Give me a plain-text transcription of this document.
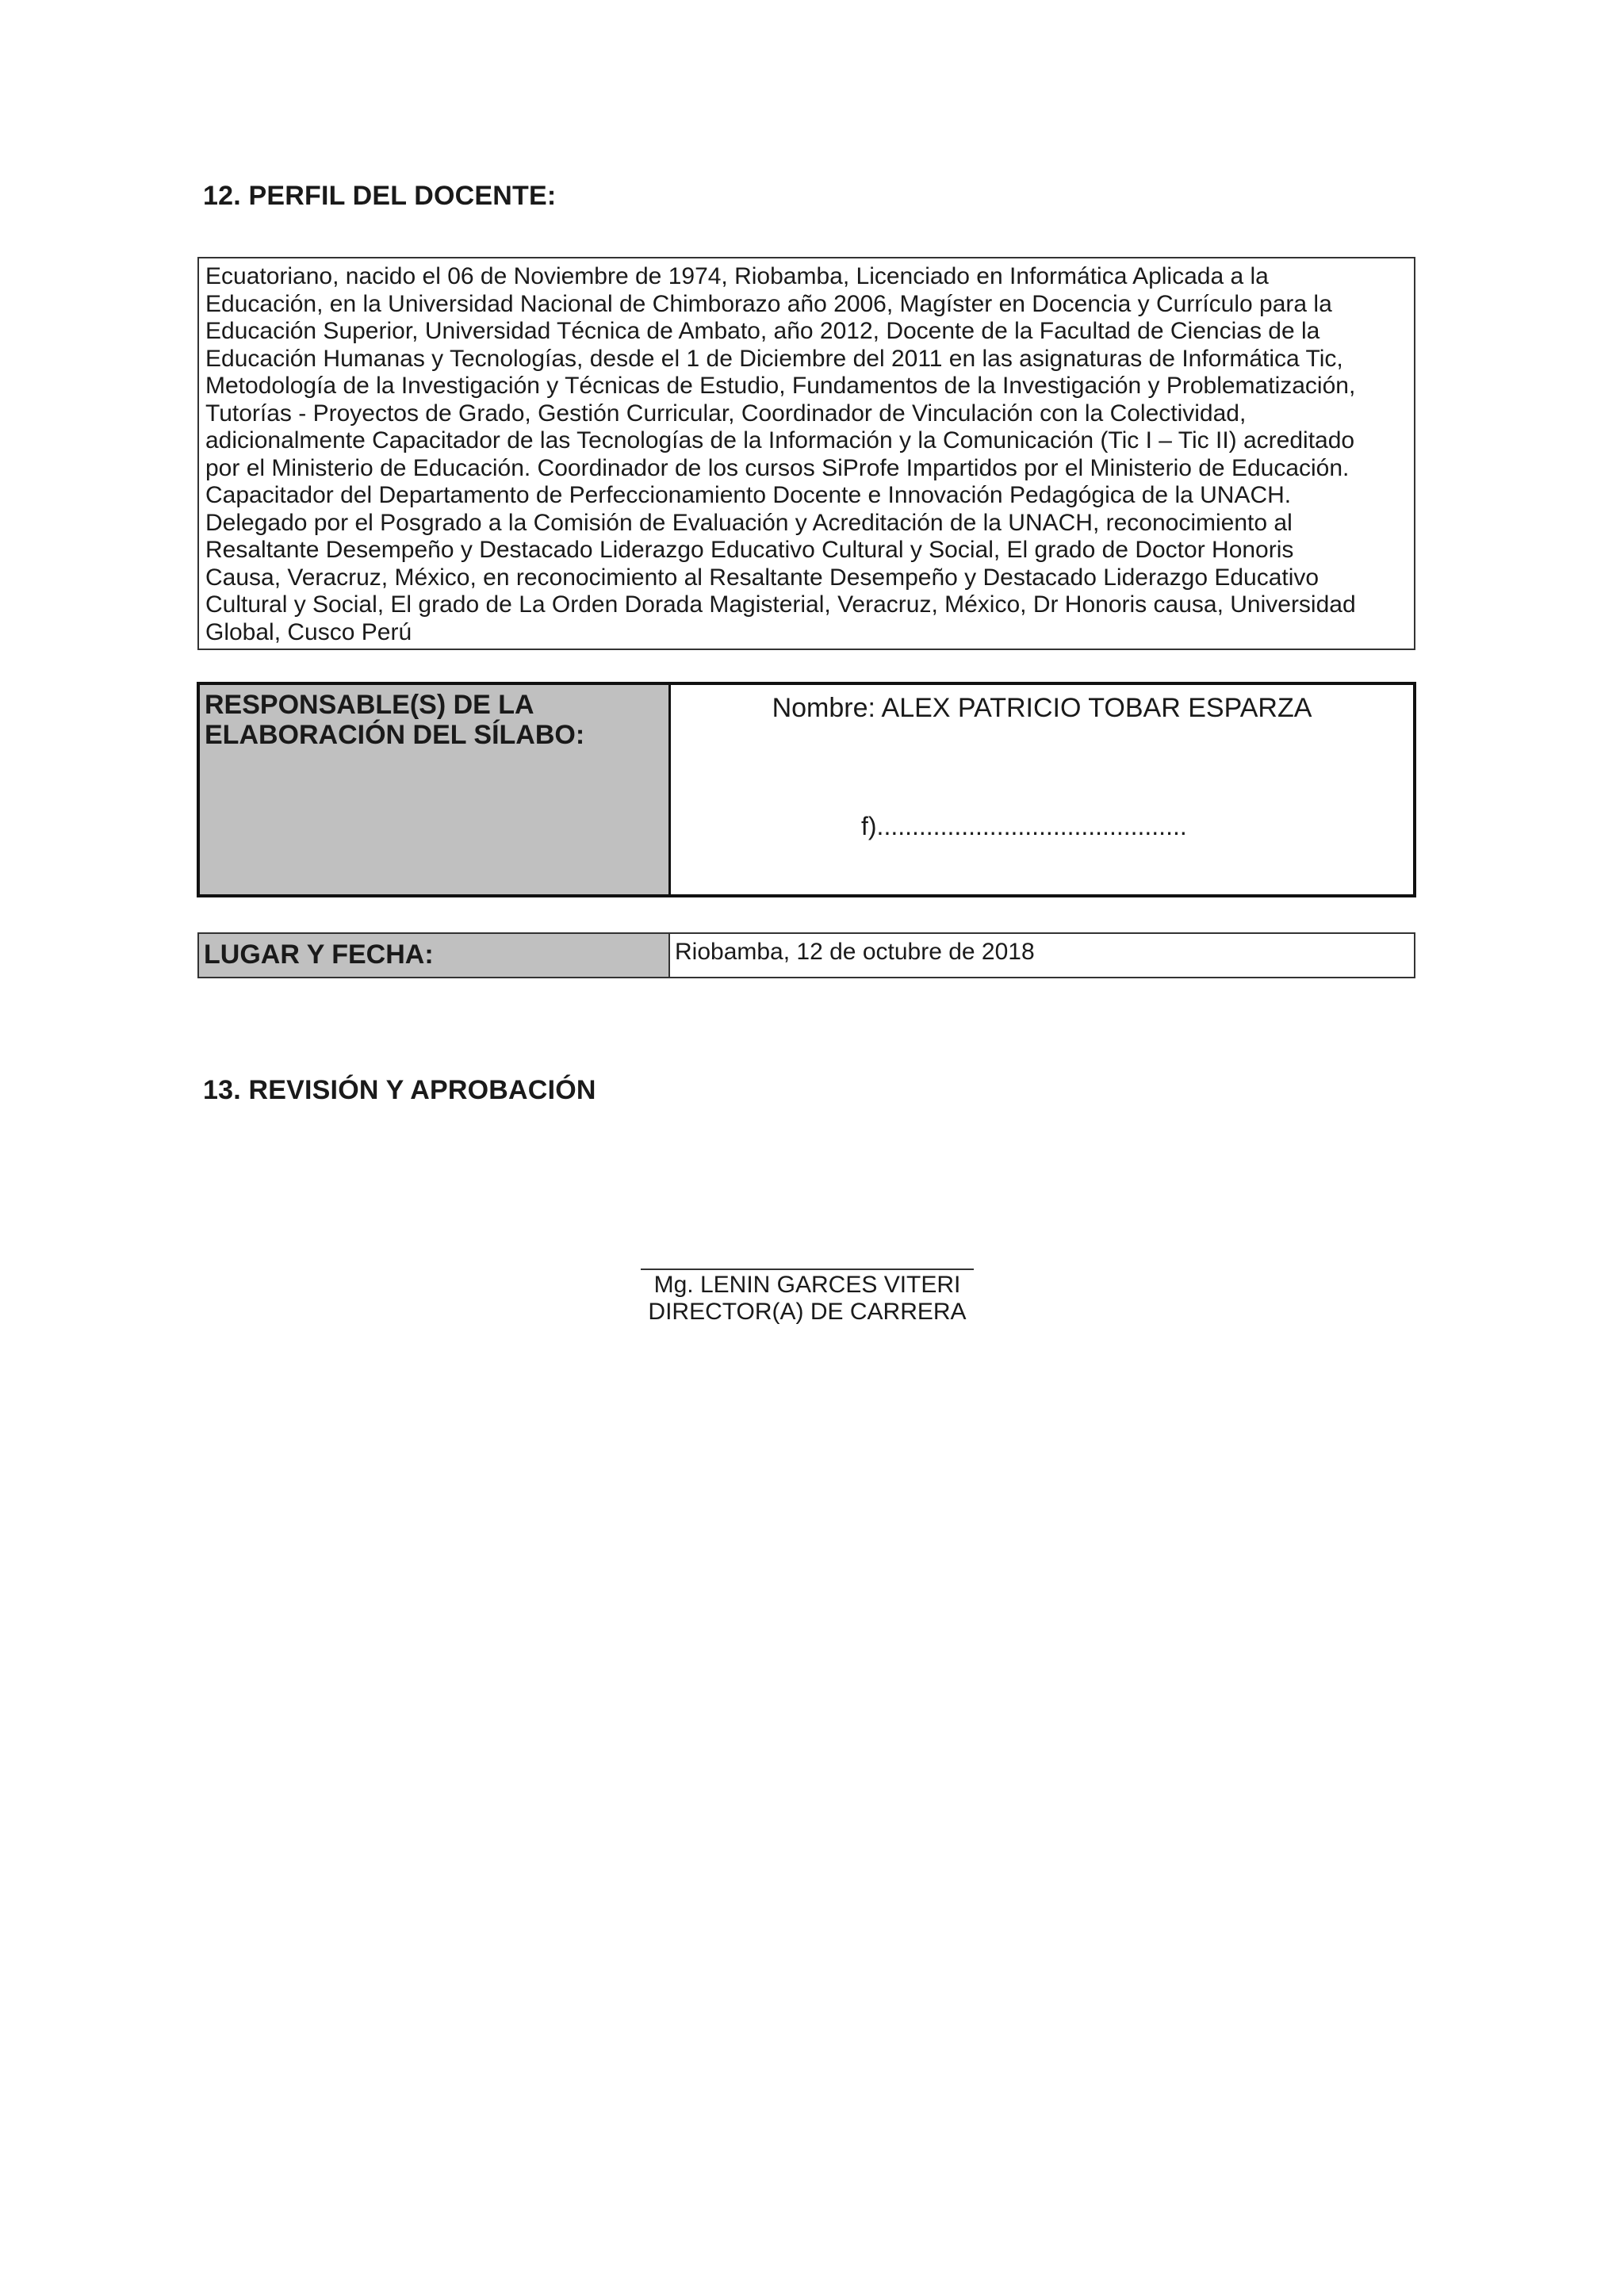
12. PERFIL DEL DOCENTE:

Ecuatoriano, nacido el 06 de Noviembre de 1974, Riobamba, Licenciado en Informática Aplicada a la

Educación, en la Universidad Nacional de Chimborazo año 2006, Magíster en Docencia y Currículo para la

Educación Superior, Universidad Técnica de Ambato, año 2012, Docente de la Facultad de Ciencias de la

Educación Humanas y Tecnologías, desde el 1 de Diciembre del 2011 en las asignaturas de Informática Tic,

Metodología de la Investigación y Técnicas de Estudio, Fundamentos de la Investigación y Problematización,

Tutorías - Proyectos de Grado, Gestión Curricular, Coordinador de Vinculación con la Colectividad,

adicionalmente Capacitador de las Tecnologías de la Información y la Comunicación (Tic I – Tic II) acreditado

por el Ministerio de Educación. Coordinador de los cursos SiProfe Impartidos por el Ministerio de Educación.

Capacitador del Departamento de Perfeccionamiento Docente e Innovación Pedagógica de la UNACH.

Delegado por el Posgrado a la Comisión de Evaluación y Acreditación de la UNACH, reconocimiento al

Resaltante Desempeño y Destacado Liderazgo Educativo Cultural y Social, El grado de Doctor Honoris

Causa, Veracruz, México, en reconocimiento al Resaltante Desempeño y Destacado Liderazgo Educativo

Cultural y Social, El grado de La Orden Dorada Magisterial, Veracruz, México, Dr Honoris causa, Universidad

Global, Cusco Perú

RESPONSABLE(S) DE LA
ELABORACIÓN DEL SÍLABO:
Nombre: ALEX PATRICIO TOBAR ESPARZA
f)............................................
LUGAR Y FECHA:	Riobamba, 12 de octubre de 2018
13. REVISIÓN Y APROBACIÓN
Mg. LENIN GARCES VITERI
DIRECTOR(A) DE CARRERA
